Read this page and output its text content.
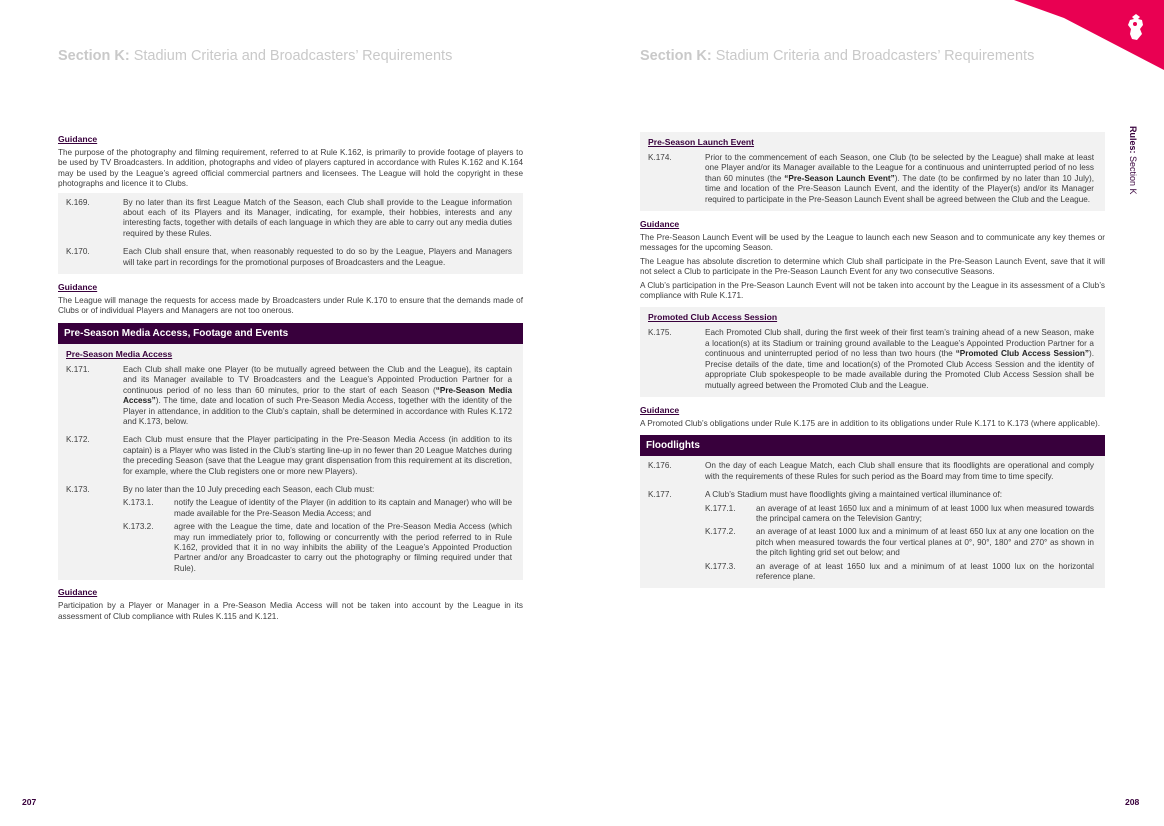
Section K: Stadium Criteria and Broadcasters’ Requirements
Guidance

The purpose of the photography and filming requirement, referred to at Rule K.162, is primarily to provide footage of players to be used by TV Broadcasters. In addition, photographs and video of players captured in accordance with Rules K.162 and K.164 may be used by the League’s agreed official commercial partners and licensees. The League will hold the copyright in these photographs and licence it to Clubs.

K.169.	By no later than its first League Match of the Season, each Club shall provide to the League information about each of its Players and its Manager, indicating, for example, their hobbies, interests and any interesting facts, together with details of each language in which they are able to carry out any media duties required by these Rules.
K.170.	Each Club shall ensure that, when reasonably requested to do so by the League, Players and Managers will take part in recordings for the promotional purposes of Broadcasters and the League.
Guidance

The League will manage the requests for access made by Broadcasters under Rule K.170 to ensure that the demands made of Clubs or of individual Players and Managers are not too onerous.

Pre-Season Media Access, Footage and Events
Pre-Season Media Access
K.171.	Each Club shall make one Player (to be mutually agreed between the Club and the League), its captain and its Manager available to TV Broadcasters and the League’s Appointed Production Partner for a continuous period of no less than 60 minutes, prior to the start of each Season (“Pre-Season Media Access”). The time, date and location of such Pre-Season Media Access, together with the identity of the Player in attendance, in addition to the Club’s captain, shall be determined in accordance with Rules K.172 and K.173, below.
K.172.	Each Club must ensure that the Player participating in the Pre-Season Media Access (in addition to its captain) is a Player who was listed in the Club’s starting line-up in no fewer than 20 League Matches during the preceding Season (save that the League may grant dispensation from this requirement at its discretion, for example, where the Club registers one or more new Players).
K.173.	By no later than the 10 July preceding each Season, each Club must:
K.173.1.	notify the League of identity of the Player (in addition to its captain and Manager) who will be made available for the Pre-Season Media Access; and
K.173.2.	agree with the League the time, date and location of the Pre-Season Media Access (which may run immediately prior to, following or concurrently with the period referred to in Rule K.162, provided that it in no way inhibits the ability of the League’s Appointed Production Partner and/or any Broadcaster to carry out the photography or filming required under that Rule).
Guidance

Participation by a Player or Manager in a Pre-Season Media Access will not be taken into account by the League in its assessment of Club compliance with Rules K.115 and K.121.

207
Section K: Stadium Criteria and Broadcasters’ Requirements
Pre-Season Launch Event
K.174.	Prior to the commencement of each Season, one Club (to be selected by the League) shall make at least one Player and/or its Manager available to the League for a continuous and uninterrupted period of no less than 60 minutes (the “Pre-Season Launch Event”). The date (to be confirmed by no later than 10 July), time and location of the Pre-Season Launch Event, and the identity of the Player(s) and/or its Manager required to participate in the Pre-Season Launch Event shall be agreed between the Club and the League.
Guidance

The Pre-Season Launch Event will be used by the League to launch each new Season and to communicate any key themes or messages for the upcoming Season.

The League has absolute discretion to determine which Club shall participate in the Pre-Season Launch Event, save that it will not select a Club to participate in the Pre-Season Launch Event for any two consecutive Seasons.

A Club’s participation in the Pre-Season Launch Event will not be taken into account by the League in its assessment of a Club’s compliance with Rule K.171.

Promoted Club Access Session
K.175.	Each Promoted Club shall, during the first week of their first team’s training ahead of a new Season, make a location(s) at its Stadium or training ground available to the League’s Appointed Production Partner for a continuous and uninterrupted period of no less than two hours (the “Promoted Club Access Session”). Precise details of the date, time and location(s) of the Promoted Club Access Session and the identity of appropriate Club spokespeople to be made available during the Promoted Club Access Session shall be mutually agreed between the Promoted Club and the League.
Guidance

A Promoted Club’s obligations under Rule K.175 are in addition to its obligations under Rule K.171 to K.173 (where applicable).

Floodlights
K.176.	On the day of each League Match, each Club shall ensure that its floodlights are operational and comply with the requirements of these Rules for such period as the Board may from time to time specify.
K.177.	A Club’s Stadium must have floodlights giving a maintained vertical illuminance of:
K.177.1.	an average of at least 1650 lux and a minimum of at least 1000 lux when measured towards the principal camera on the Television Gantry;
K.177.2.	an average of at least 1000 lux and a minimum of at least 650 lux at any one location on the pitch when measured towards the four vertical planes at 0°, 90°, 180° and 270° as shown in the pitch lighting grid set out below; and
K.177.3.	an average of at least 1650 lux and a minimum of at least 1000 lux on the horizontal reference plane.
Rules: Section K
208
